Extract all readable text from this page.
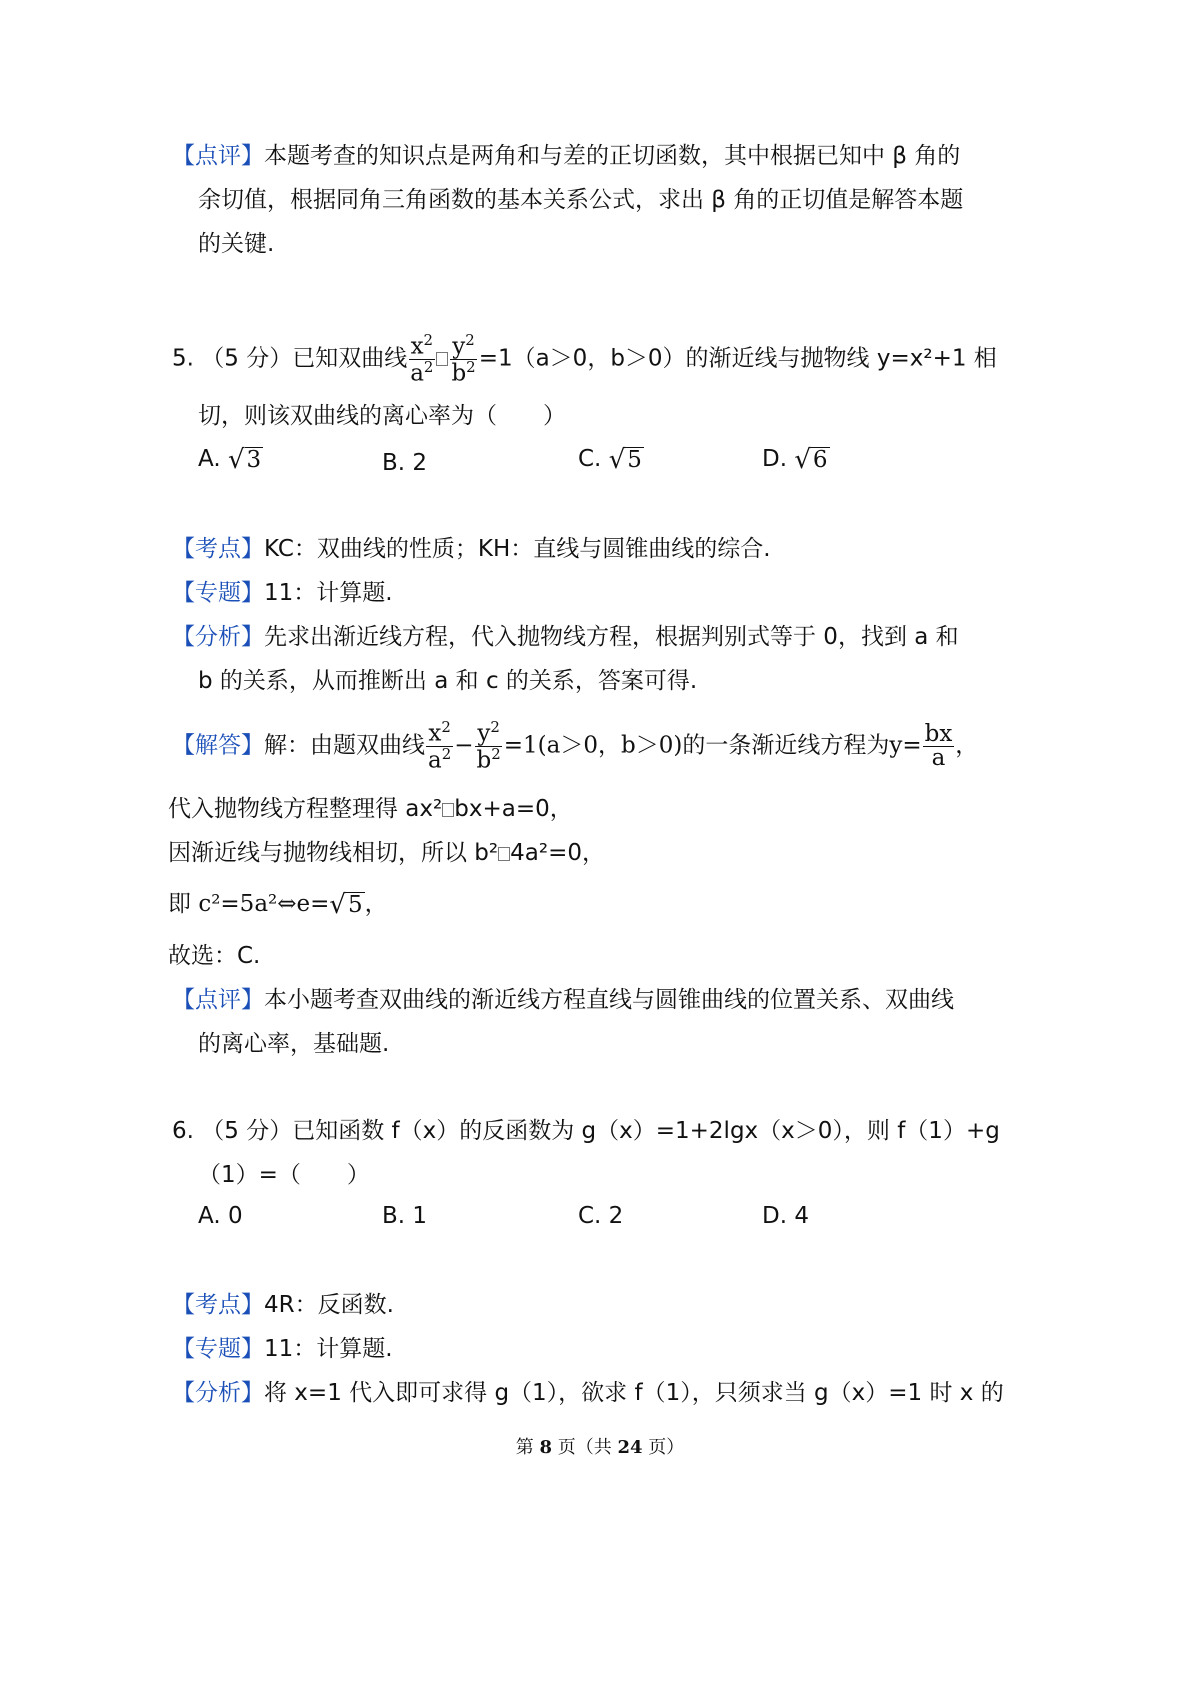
【点评】本题考查的知识点是两角和与差的正切函数，其中根据已知中 β 角的
余切值，根据同角三角函数的基本关系公式，求出 β 角的正切值是解答本题
的关键.
5. （5 分）已知双曲线 $\frac{x^2}{a^2} \frac{y^2}{b^2} =1(a>0$，b＞0）的渐近线与抛物线 y=x²+1 相
切，则该双曲线的离心率为（　　）
A. √ 3	B. 2	C. √ 5	D. √ 6
【考点】KC：双曲线的性质；KH：直线与圆锥曲线的综合.
【专题】11：计算题.
【分析】先求出渐近线方程，代入抛物线方程，根据判别式等于 0，找到 a 和
b 的关系，从而推断出 a 和 c 的关系，答案可得.
【解答】解：由题双曲线 $\frac{x^2}{a^2} - \frac{y^2}{b^2} =1(a>0$，b＞0)的一条渐近线方程为$y= \frac{bx}{a}$ ，
代入抛物线方程整理得 ax² bx+a=0，
因渐近线与抛物线相切，所以 b² 4a²=0，
即 c²=5a²⇔e= √ 5 ，
故选：C.
【点评】本小题考查双曲线的渐近线方程直线与圆锥曲线的位置关系、双曲线
的离心率，基础题.
6. （5 分）已知函数 f（x）的反函数为 g（x）=1+2lgx（x＞0），则 f（1）+g
（1）=（　　）
A. 0	B. 1	C. 2	D. 4
【考点】4R：反函数.
【专题】11：计算题.
【分析】将 x=1 代入即可求得 g（1），欲求 f（1），只须求当 g（x）=1 时 x 的
第 8 页（共 24 页）
